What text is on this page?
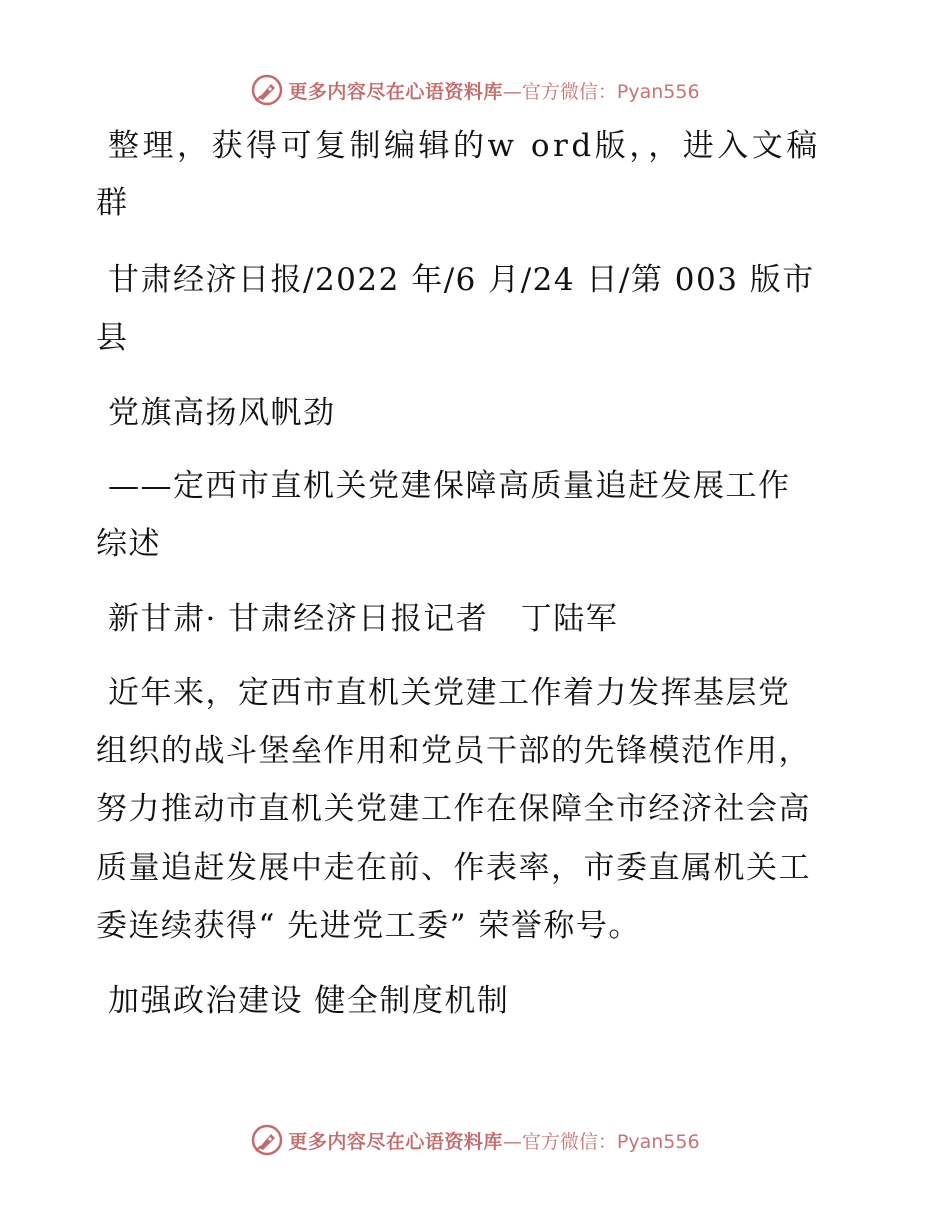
更多内容尽在心语资料库 —官方微信：Pyan556
整理，获得可复制编辑的w ord版，，进入文稿
群
甘肃经济日报/2022 年/6 月/24 日/第 003 版市
县
党旗高扬风帆劲
——定西市直机关党建保障高质量追赶发展工作
综述
新甘肃· 甘肃经济日报记者　丁陆军
近年来，定西市直机关党建工作着力发挥基层党
组织的战斗堡垒作用和党员干部的先锋模范作用，
努力推动市直机关党建工作在保障全市经济社会高
质量追赶发展中走在前、作表率，市委直属机关工
委连续获得“ 先进党工委” 荣誉称号。
加强政治建设 健全制度机制
更多内容尽在心语资料库 —官方微信：Pyan556
